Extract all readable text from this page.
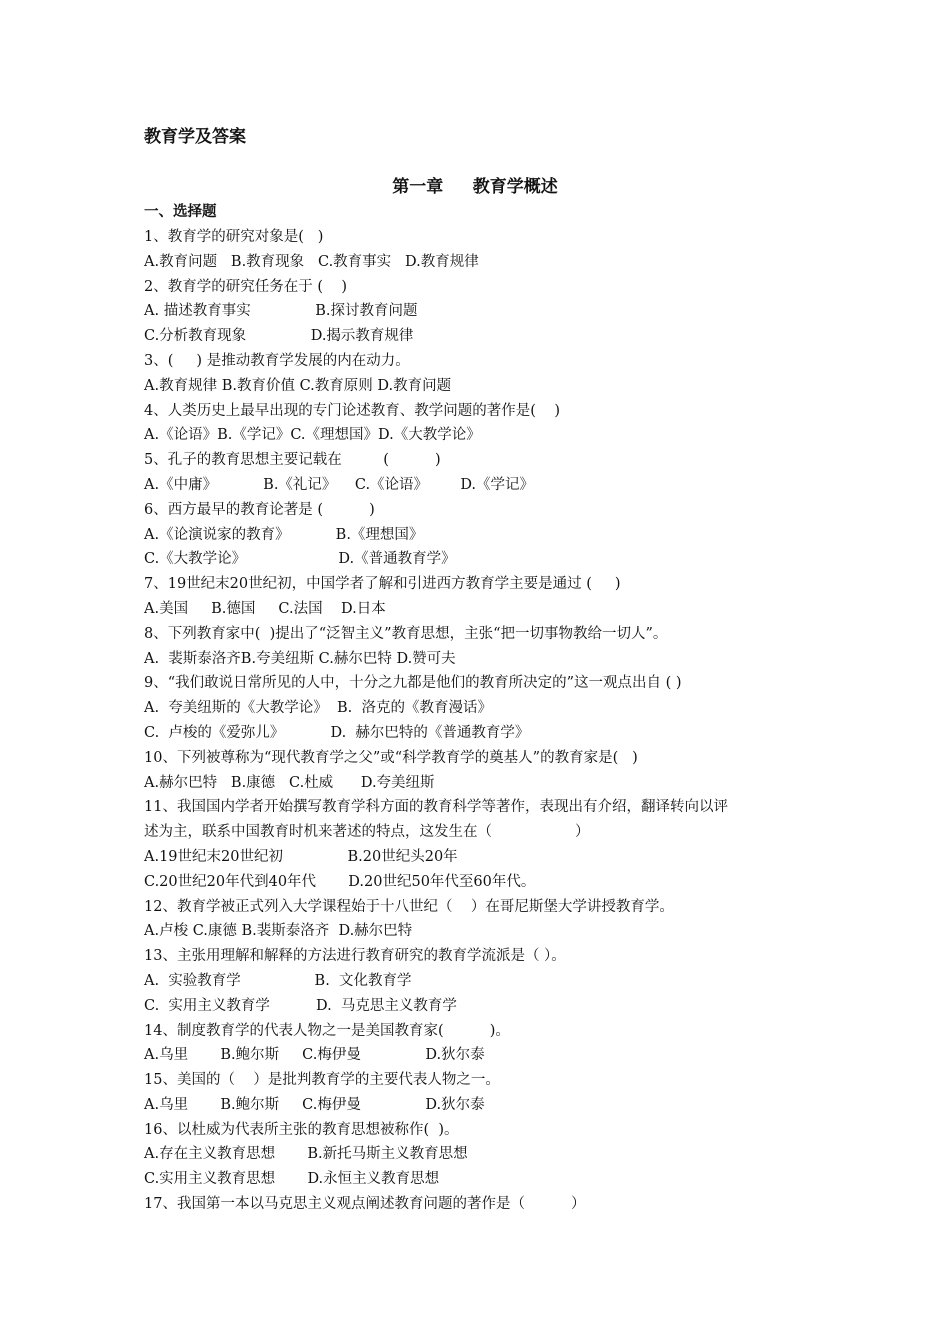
教育学及答案
第一章     教育学概述
一、选择题
1、教育学的研究对象是(   )
A.教育问题   B.教育现象   C.教育事实   D.教育规律
2、教育学的研究任务在于 (    )
A. 描述教育事实              B.探讨教育问题
C.分析教育现象              D.揭示教育规律
3、(     ) 是推动教育学发展的内在动力。
A.教育规律 B.教育价值 C.教育原则 D.教育问题
4、人类历史上最早出现的专门论述教育、教学问题的著作是(    )
A.《论语》B.《学记》C.《理想国》D.《大教学论》
5、孔子的教育思想主要记载在         (          )
A.《中庸》          B.《礼记》    C.《论语》       D.《学记》
6、西方最早的教育论著是 (          )
A.《论演说家的教育》          B.《理想国》
C.《大教学论》                    D.《普通教育学》
7、19世纪末20世纪初，中国学者了解和引进西方教育学主要是通过 (     )
A.美国     B.德国     C.法国    D.日本
8、下列教育家中(  )提出了“泛智主义”教育思想，主张“把一切事物教给一切人”。
A.  裴斯泰洛齐B.夸美纽斯 C.赫尔巴特 D.赞可夫
9、“我们敢说日常所见的人中，十分之九都是他们的教育所决定的”这一观点出自 ( )
A.  夸美纽斯的《大教学论》  B.  洛克的《教育漫话》
C.  卢梭的《爱弥儿》          D.  赫尔巴特的《普通教育学》
10、下列被尊称为“现代教育学之父”或“科学教育学的奠基人”的教育家是(   )
A.赫尔巴特   B.康德   C.杜威      D.夸美纽斯
11、我国国内学者开始撰写教育学科方面的教育科学等著作，表现出有介绍，翻译转向以评
述为主，联系中国教育时机来著述的特点，这发生在（                  ）
A.19世纪末20世纪初              B.20世纪头20年
C.20世纪20年代到40年代       D.20世纪50年代至60年代。
12、教育学被正式列入大学课程始于十八世纪（    ）在哥尼斯堡大学讲授教育学。
A.卢梭 C.康德 B.裴斯泰洛齐  D.赫尔巴特
13、主张用理解和解释的方法进行教育研究的教育学流派是（ ）。
A.  实验教育学                B.  文化教育学
C.  实用主义教育学          D.  马克思主义教育学
14、制度教育学的代表人物之一是美国教育家(          )。
A.乌里       B.鲍尔斯     C.梅伊曼              D.狄尔泰
15、美国的（    ）是批判教育学的主要代表人物之一。
A.乌里       B.鲍尔斯     C.梅伊曼              D.狄尔泰
16、以杜威为代表所主张的教育思想被称作(  )。
A.存在主义教育思想       B.新托马斯主义教育思想
C.实用主义教育思想       D.永恒主义教育思想
17、我国第一本以马克思主义观点阐述教育问题的著作是（          ）
